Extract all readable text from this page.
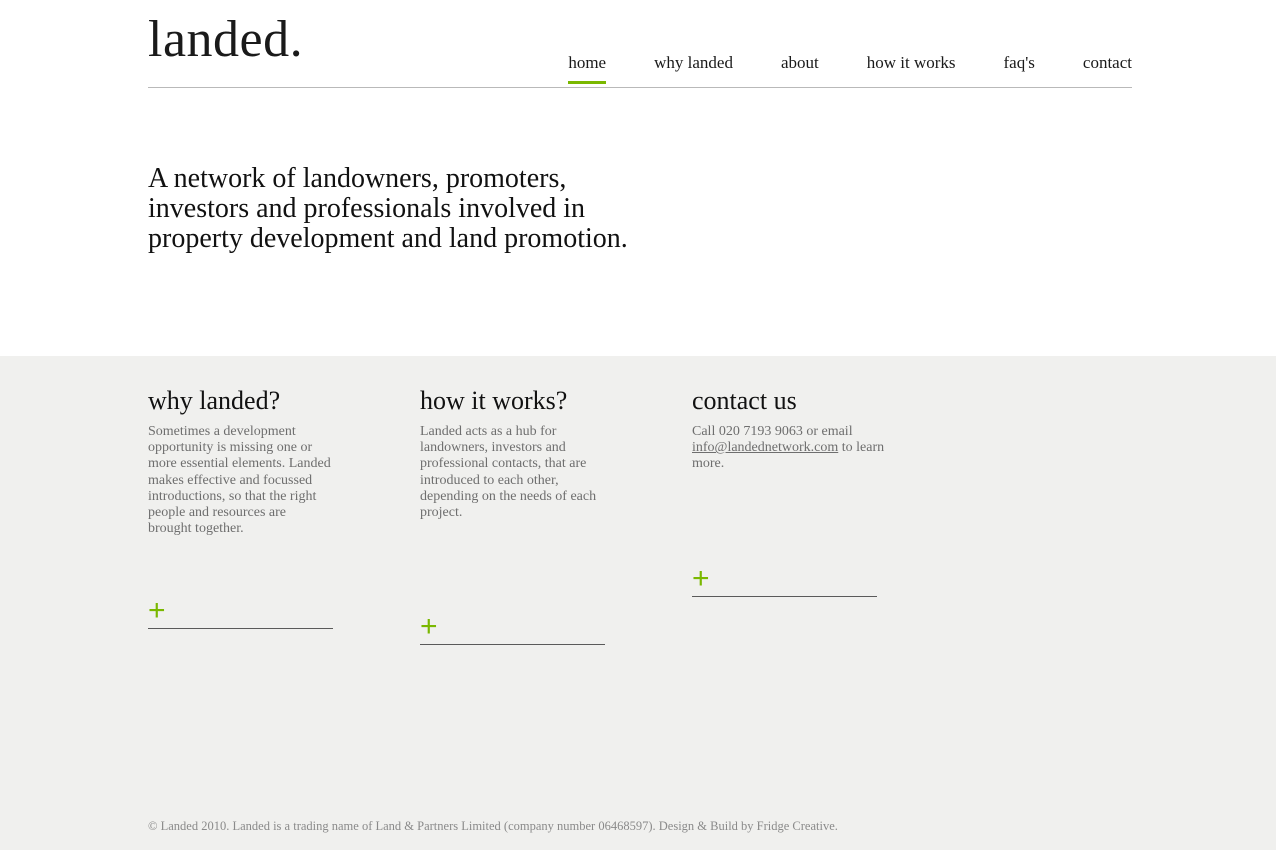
landed.	home	why landed	about	how it works	faq's	contact
A network of landowners, promoters,
investors and professionals involved in
property development and land promotion.
why landed?
Sometimes a development opportunity is missing one or more essential elements. Landed makes effective and focussed introductions, so that the right people and resources are brought together.
+
how it works?
Landed acts as a hub for landowners, investors and professional contacts, that are introduced to each other, depending on the needs of each project.
+
contact us
Call 020 7193 9063 or email info@landednetwork.com to learn more.
+
© Landed 2010. Landed is a trading name of Land & Partners Limited (company number 06468597). Design & Build by Fridge Creative.
